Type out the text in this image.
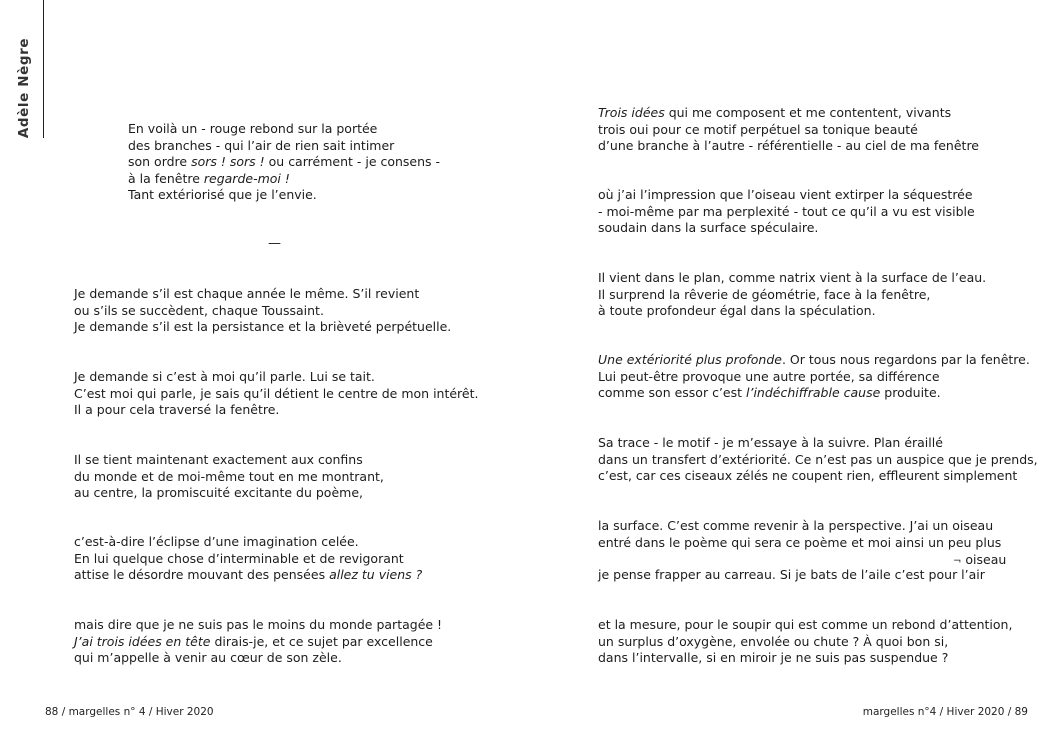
Adèle Nègre	En voilà un - rouge rebond sur la portée
des branches - qui l’air de rien sait intimer
son ordre sors ! sors ! ou carrément - je consens -
à la fenêtre regarde-moi !
Tant extériorisé que je l’envie.
—
Je demande s’il est chaque année le même. S’il revient
ou s’ils se succèdent, chaque Toussaint.
Je demande s’il est la persistance et la brièveté perpétuelle.
Je demande si c’est à moi qu’il parle. Lui se tait.
C’est moi qui parle, je sais qu’il détient le centre de mon intérêt.
Il a pour cela traversé la fenêtre.
Il se tient maintenant exactement aux confins
du monde et de moi-même tout en me montrant,
au centre, la promiscuité excitante du poème,
c’est-à-dire l’éclipse d’une imagination celée.
En lui quelque chose d’interminable et de revigorant
attise le désordre mouvant des pensées allez tu viens ?
mais dire que je ne suis pas le moins du monde partagée !
J’ai trois idées en tête dirais-je, et ce sujet par excellence
qui m’appelle à venir au cœur de son zèle.
88 / margelles n° 4 / Hiver 2020
Trois idées qui me composent et me contentent, vivants
trois oui pour ce motif perpétuel sa tonique beauté
d’une branche à l’autre - référentielle - au ciel de ma fenêtre
où j’ai l’impression que l’oiseau vient extirper la séquestrée
- moi-même par ma perplexité - tout ce qu’il a vu est visible
soudain dans la surface spéculaire.
Il vient dans le plan, comme natrix vient à la surface de l’eau.
Il surprend la rêverie de géométrie, face à la fenêtre,
à toute profondeur égal dans la spéculation.
Une extériorité plus profonde. Or tous nous regardons par la fenêtre.
Lui peut-être provoque une autre portée, sa différence
comme son essor c’est l’indéchiffrable cause produite.
Sa trace - le motif - je m’essaye à la suivre. Plan éraillé
dans un transfert d’extériorité. Ce n’est pas un auspice que je prends,
c’est, car ces ciseaux zélés ne coupent rien, effleurent simplement
la surface. C’est comme revenir à la perspective. J’ai un oiseau
entré dans le poème qui sera ce poème et moi ainsi un peu plus
¬ oiseau
je pense frapper au carreau. Si je bats de l’aile c’est pour l’air
et la mesure, pour le soupir qui est comme un rebond d’attention,
un surplus d’oxygène, envolée ou chute ? À quoi bon si,
dans l’intervalle, si en miroir je ne suis pas suspendue ?
margelles n°4 / Hiver 2020 / 89
